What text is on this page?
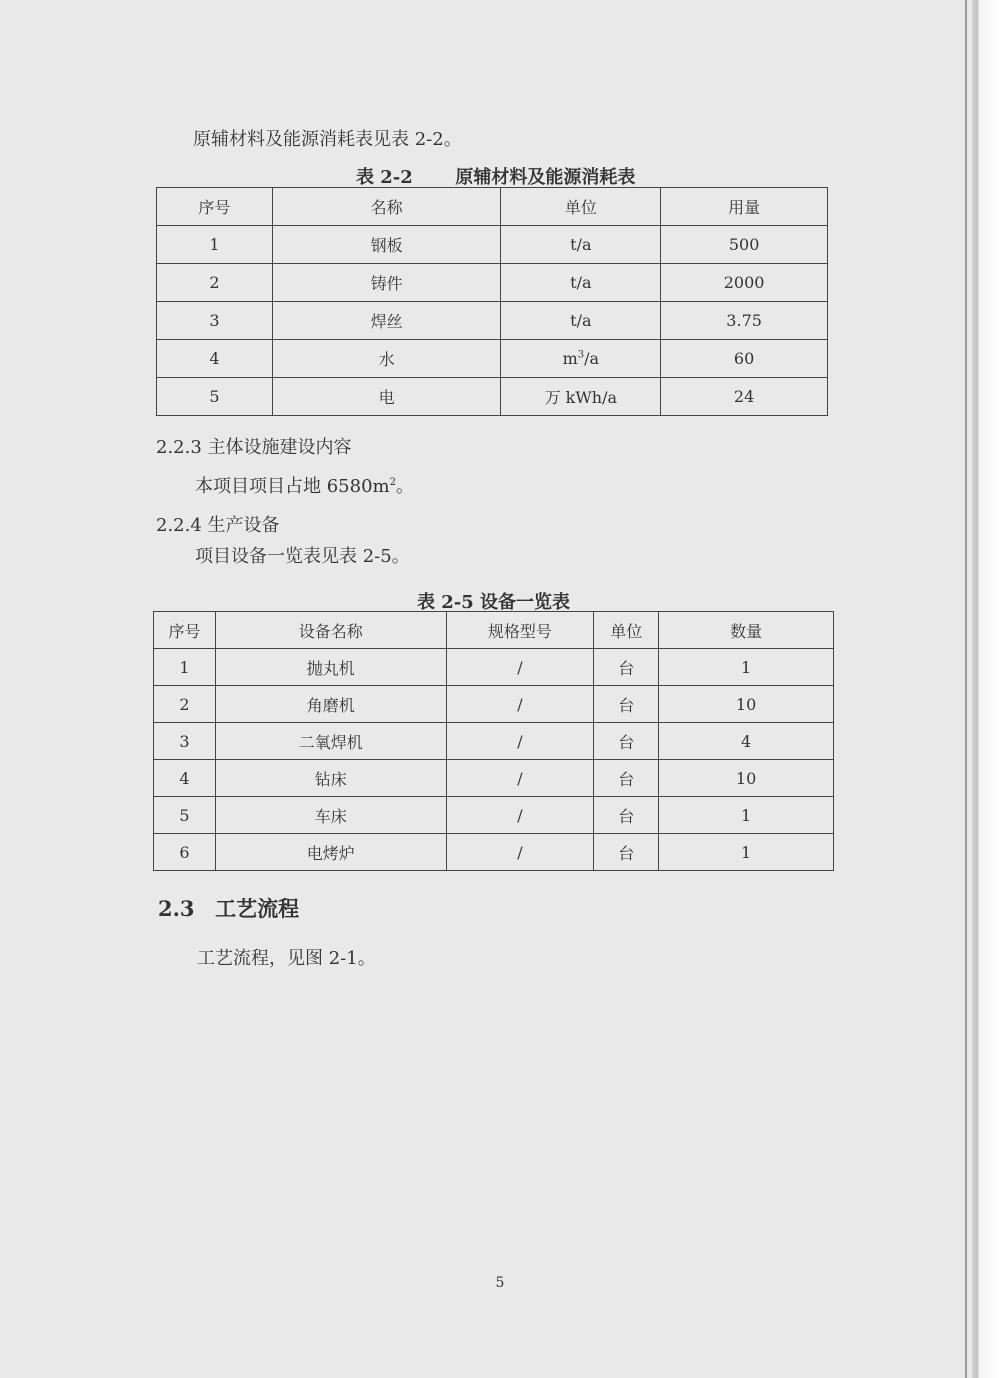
原辅材料及能源消耗表见表 2-2。
表 2-2 原辅材料及能源消耗表
序号	名称	单位	用量
1	钢板	t/a	500
2	铸件	t/a	2000
3	焊丝	t/a	3.75
4	水	$m^3/a$	60
5	电	万 kWh/a	24
2.2.3 主体设施建设内容
本项目项目占地 $6580m^2$。
2.2.4 生产设备
项目设备一览表见表 2-5。
表 2-5 设备一览表
序号	设备名称	规格型号	单位	数量
1	抛丸机	/	台	1
2	角磨机	/	台	10
3	二氧焊机	/	台	4
4	钻床	/	台	10
5	车床	/	台	1
6	电烤炉	/	台	1
2.3 工艺流程
工艺流程，见图 2-1。
5
